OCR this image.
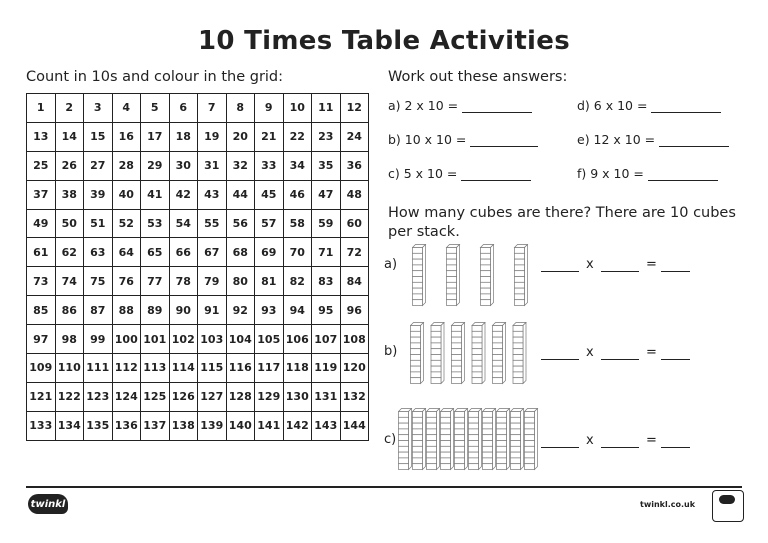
10 Times Table Activities
Count in 10s and colour in the grid:
1	2	3	4	5	6	7	8	9	10	11	12
13	14	15	16	17	18	19	20	21	22	23	24
25	26	27	28	29	30	31	32	33	34	35	36
37	38	39	40	41	42	43	44	45	46	47	48
49	50	51	52	53	54	55	56	57	58	59	60
61	62	63	64	65	66	67	68	69	70	71	72
73	74	75	76	77	78	79	80	81	82	83	84
85	86	87	88	89	90	91	92	93	94	95	96
97	98	99	100	101	102	103	104	105	106	107	108
109	110	111	112	113	114	115	116	117	118	119	120
121	122	123	124	125	126	127	128	129	130	131	132
133	134	135	136	137	138	139	140	141	142	143	144
Work out these answers:
a) 2 x 10 =
b) 10 x 10 =
c) 5 x 10 =
d) 6 x 10 =
e) 12 x 10 =
f) 9 x 10 =
How many cubes are there? There are 10 cubes per stack.
a)	x	=
b)	x	=
c)	x	=
twinkl	twinkl.co.uk
